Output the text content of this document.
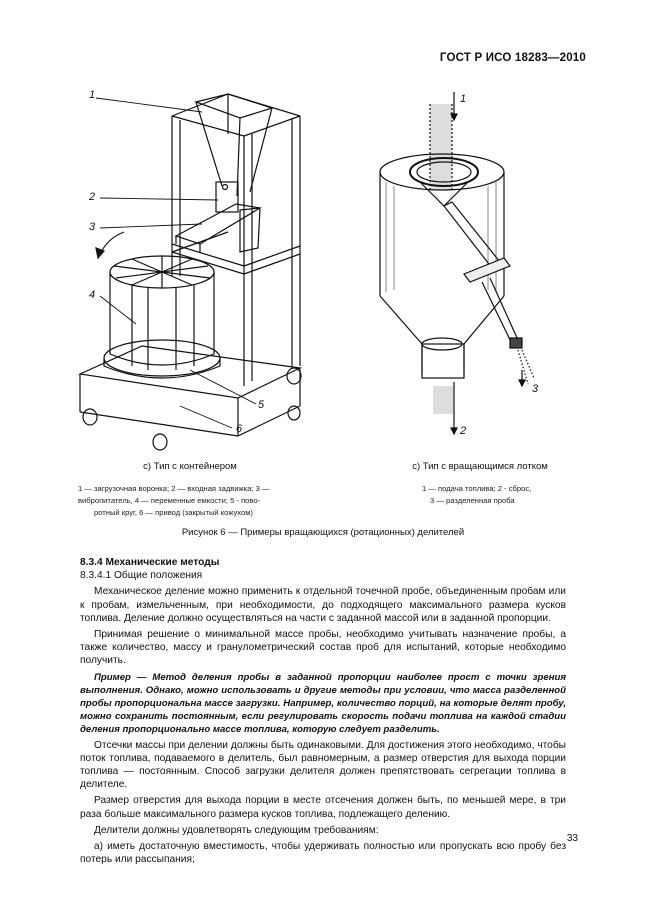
ГОСТ Р ИСО 18283—2010
1
2
3
4
5
6
1
2
3
с) Тип с контейнером	с) Тип с вращающимся лотком
1 — загрузочная воронка; 2 — входная задвижка; 3 —
вибропитатель, 4 — переменные емкости; 5 - пово-
ротный круг, 6 — привод (закрытый кожухом)
1 — подача топлива; 2 - сброс,
3 — разделенная проба
Рисунок 6 — Примеры вращающихся (ротационных) делителей
8.3.4 Механические методы

8.3.4.1 Общие положения

Механическое деление можно применить к отдельной точечной пробе, объединенным пробам или к пробам, измельченным, при необходимости, до подходящего максимального размера кусков топлива. Деление должно осуществляться на части с заданной массой или в заданной пропорции.

Принимая решение о минимальной массе пробы, необходимо учитывать назначение пробы, а также количество, массу и гранулометрический состав проб для испытаний, которые необходимо получить.

Пример — Метод деления пробы в заданной пропорции наиболее прост с точки зрения выполнения. Однако, можно использовать и другие методы при условии, что масса разделенной пробы пропорциональна массе загрузки. Например, количество порций, на которые делят пробу, можно сохранить постоянным, если регулировать скорость подачи топлива на каждой стадии деления пропорционально массе топлива, которую следует разделить.

Отсечки массы при делении должны быть одинаковыми. Для достижения этого необходимо, чтобы поток топлива, подаваемого в делитель, был равномерным, а размер отверстия для выхода порции топлива — постоянным. Способ загрузки делителя должен препятствовать сегрегации топлива в делителе.

Размер отверстия для выхода порции в месте отсечения должен быть, по меньшей мере, в три раза больше максимального размера кусков топлива, подлежащего делению.

Делители должны удовлетворять следующим требованиям:

а) иметь достаточную вместимость, чтобы удерживать полностью или пропускать всю пробу без потерь или рассыпания;

33
